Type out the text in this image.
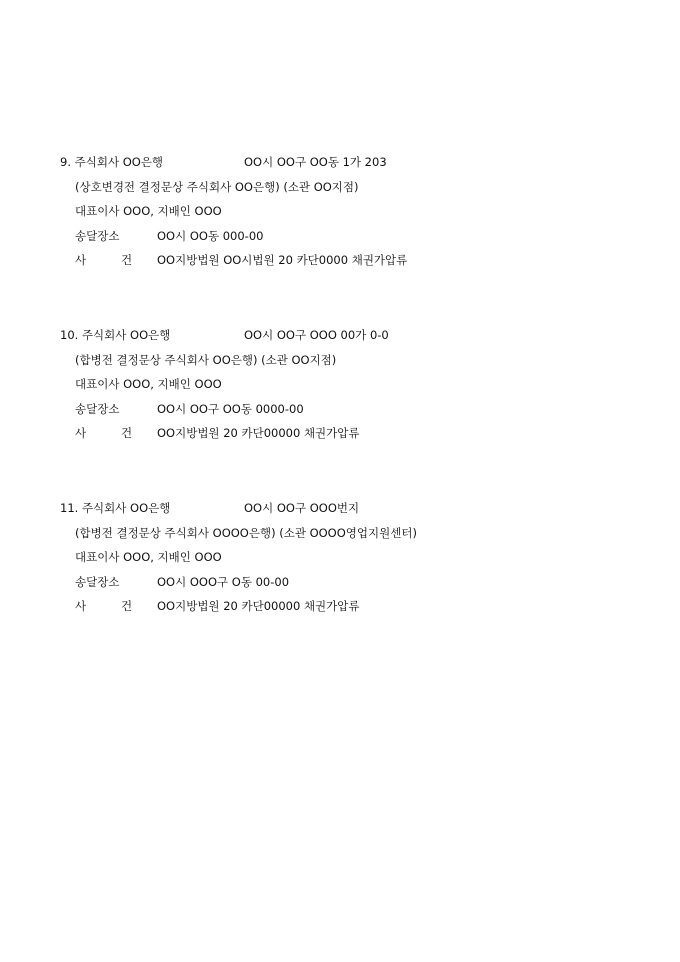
9. 주식회사 OO은행	OO시 OO구 OO동 1가 203
(상호변경전 결정문상 주식회사 OO은행) (소관 OO지점)
대표이사 OOO, 지배인 OOO
송달장소	OO시 OO동 000-00
사	건 OO지방법원 OO시법원 20 카단0000 채권가압류
10. 주식회사 OO은행	OO시 OO구 OOO 00가 0-0
(합병전 결정문상 주식회사 OO은행) (소관 OO지점)
대표이사 OOO, 지배인 OOO
송달장소	OO시 OO구 OO동 0000-00
사	건 OO지방법원 20 카단00000 채권가압류
11. 주식회사 OO은행	OO시 OO구 OOO번지
(합병전 결정문상 주식회사 OOOO은행) (소관 OOOO영업지원센터)
대표이사 OOO, 지배인 OOO
송달장소	OO시 OOO구 O동 00-00
사	건 OO지방법원 20 카단00000 채권가압류
